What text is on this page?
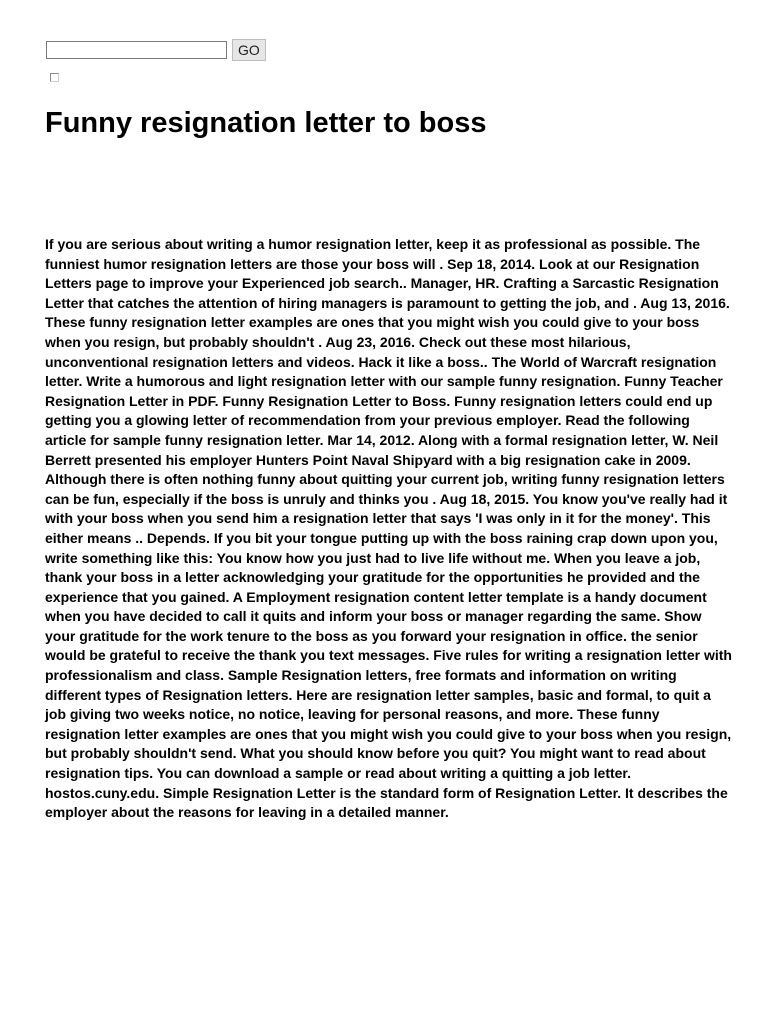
GO
Funny resignation letter to boss

If you are serious about writing a humor resignation letter, keep it as professional as possible. The funniest humor resignation letters are those your boss will . Sep 18, 2014. Look at our Resignation Letters page to improve your Experienced job search.. Manager, HR. Crafting a Sarcastic Resignation Letter that catches the attention of hiring managers is paramount to getting the job, and . Aug 13, 2016. These funny resignation letter examples are ones that you might wish you could give to your boss when you resign, but probably shouldn't . Aug 23, 2016. Check out these most hilarious, unconventional resignation letters and videos. Hack it like a boss.. The World of Warcraft resignation letter. Write a humorous and light resignation letter with our sample funny resignation. Funny Teacher Resignation Letter in PDF. Funny Resignation Letter to Boss. Funny resignation letters could end up getting you a glowing letter of recommendation from your previous employer. Read the following article for sample funny resignation letter. Mar 14, 2012. Along with a formal resignation letter, W. Neil Berrett presented his employer Hunters Point Naval Shipyard with a big resignation cake in 2009. Although there is often nothing funny about quitting your current job, writing funny resignation letters can be fun, especially if the boss is unruly and thinks you . Aug 18, 2015. You know you've really had it with your boss when you send him a resignation letter that says 'I was only in it for the money'. This either means .. Depends. If you bit your tongue putting up with the boss raining crap down upon you, write something like this: You know how you just had to live life without me. When you leave a job, thank your boss in a letter acknowledging your gratitude for the opportunities he provided and the experience that you gained. A Employment resignation content letter template is a handy document when you have decided to call it quits and inform your boss or manager regarding the same. Show your gratitude for the work tenure to the boss as you forward your resignation in office. the senior would be grateful to receive the thank you text messages. Five rules for writing a resignation letter with professionalism and class. Sample Resignation letters, free formats and information on writing different types of Resignation letters. Here are resignation letter samples, basic and formal, to quit a job giving two weeks notice, no notice, leaving for personal reasons, and more. These funny resignation letter examples are ones that you might wish you could give to your boss when you resign, but probably shouldn't send. What you should know before you quit? You might want to read about resignation tips. You can download a sample or read about writing a quitting a job letter. hostos.cuny.edu. Simple Resignation Letter is the standard form of Resignation Letter. It describes the employer about the reasons for leaving in a detailed manner.
